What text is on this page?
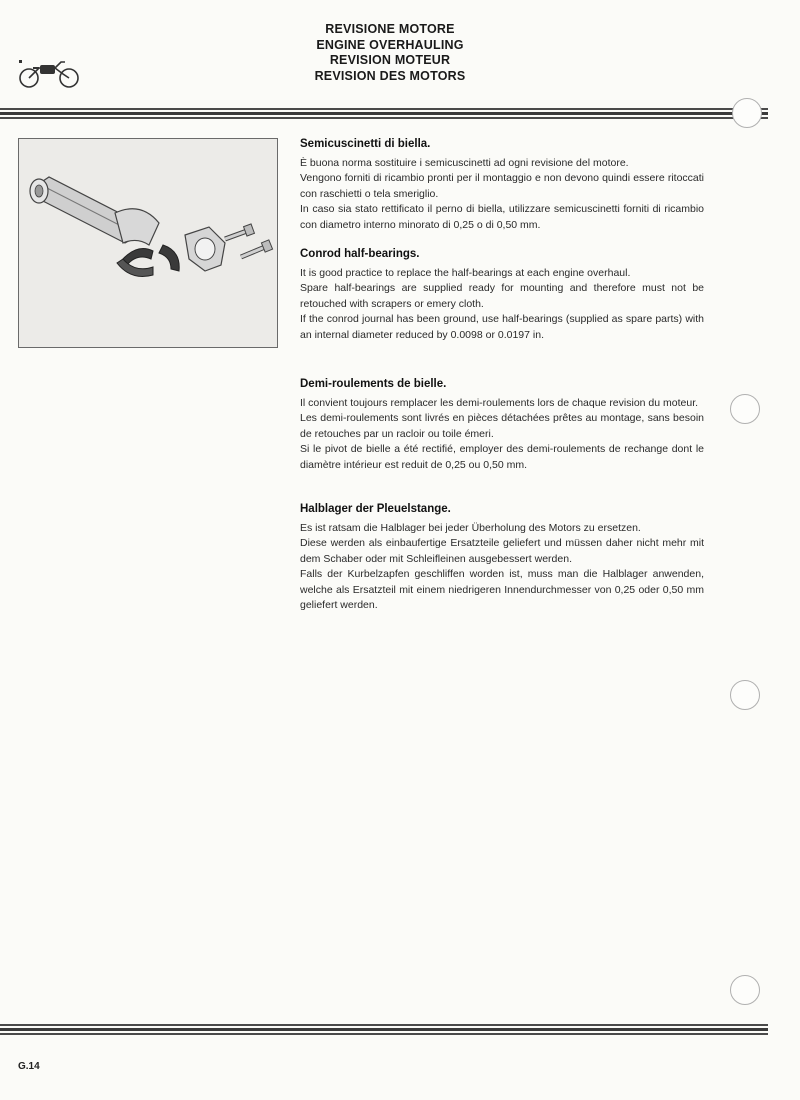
REVISIONE MOTORE
ENGINE OVERHAULING
REVISION MOTEUR
REVISION DES MOTORS
Semicuscinetti di biella.

È buona norma sostituire i semicuscinetti ad ogni revisione del motore.

Vengono forniti di ricambio pronti per il montaggio e non devono quindi essere ritoccati con raschietti o tela smeriglio.

In caso sia stato rettificato il perno di biella, utilizzare semicuscinetti forniti di ricambio con diametro interno minorato di 0,25 o di 0,50 mm.

Conrod half-bearings.

It is good practice to replace the half-bearings at each engine overhaul.

Spare half-bearings are supplied ready for mounting and therefore must not be retouched with scrapers or emery cloth.

If the conrod journal has been ground, use half-bearings (supplied as spare parts) with an internal diameter reduced by 0.0098 or 0.0197 in.

Demi-roulements de bielle.

Il convient toujours remplacer les demi-roulements lors de chaque revision du moteur.

Les demi-roulements sont livrés en pièces détachées prêtes au montage, sans besoin de retouches par un racloir ou toile émeri.

Si le pivot de bielle a été rectifié, employer des demi-roulements de rechange dont le diamètre intérieur est reduit de 0,25 ou 0,50 mm.

Halblager der Pleuelstange.

Es ist ratsam die Halblager bei jeder Überholung des Motors zu ersetzen.

Diese werden als einbaufertige Ersatzteile geliefert und müssen daher nicht mehr mit dem Schaber oder mit Schleifleinen ausgebessert werden.

Falls der Kurbelzapfen geschliffen worden ist, muss man die Halblager anwenden, welche als Ersatzteil mit einem niedrigeren Innendurchmesser von 0,25 oder 0,50 mm geliefert werden.

G.14
